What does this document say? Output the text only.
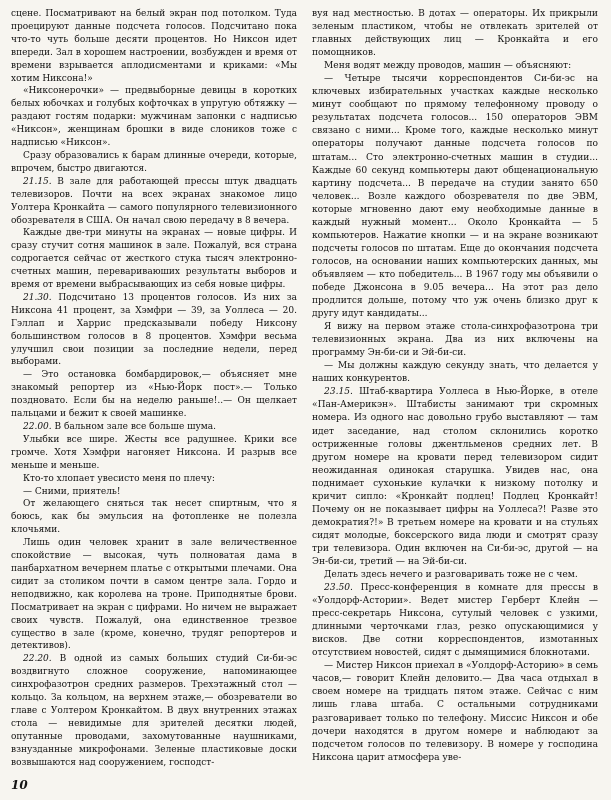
сцене. Посматривают на белый экран под потолком. Туда проецируют данные подсчета голосов. Подсчитано пока что-то чуть больше десяти процентов. Но Никсон идет впереди. Зал в хорошем настроении, возбужден и время от времени взрывается аплодисментами и криками: «Мы хотим Никсона!»

«Никсонерочки» — предвыборные девицы в коротких белых юбочках и голубых кофточках в упругую обтяжку — раздают гостям подарки: мужчинам запонки с надписью «Никсон», женщинам брошки в виде слоников тоже с надписью «Никсон».

Сразу образовались к барам длинные очереди, которые, впрочем, быстро двигаются.

21.15. В зале для работающей прессы штук двадцать телевизоров. Почти на всех экранах знакомое лицо Уолтера Кронкайта — самого популярного телевизионного обозревателя в США. Он начал свою передачу в 8 вечера.

Каждые две-три минуты на экранах — новые цифры. И сразу стучит сотня машинок в зале. Пожалуй, вся страна содрогается сейчас от жесткого стука тысяч электронно-счетных машин, перевариваюших результаты выборов и время от времени выбрасывающих из себя новые цифры.

21.30. Подсчитано 13 процентов голосов. Из них за Никсона 41 процент, за Хэмфри — 39, за Уоллеса — 20. Гэллап и Харрис предсказывали победу Никсону большинством голосов в 8 процентов. Хэмфри весьма улучшил свои позиции за последние недели, перед выборами.

— Это остановка бомбардировок,— объясняет мне знакомый репортер из «Нью-Йорк пост».— Только поздновато. Если бы на неделю раньше!..— Он щелкает пальцами и бежит к своей машинке.

22.00. В бальном зале все больше шума.

Улыбки все шире. Жесты все радушнее. Крики все громче. Хотя Хэмфри нагоняет Никсона. И разрыв все меньше и меньше.

Кто-то хлопает увесисто меня по плечу:

— Сними, приятель!

От желающего сняться так несет спиртным, что я боюсь, как бы эмульсия на фотопленке не полезла клочьями.

Лишь один человек хранит в зале величественное спокойствие — высокая, чуть полноватая дама в панбархатном вечернем платье с открытыми плечами. Она сидит за столиком почти в самом центре зала. Гордо и неподвижно, как королева на троне. Приподнятые брови. Посматривает на экран с цифрами. Но ничем не выражает своих чувств. Пожалуй, она единственное трезвое существо в зале (кроме, конечно, трудяг репортеров и детективов).

22.20. В одной из самых больших студий Си-би-эс воздвигнуто сложное сооружение, напоминающее синхрофазотрон средних размеров. Трехэтажный стол — кольцо. За кольцом, на верхнем этаже,— обозреватели во главе с Уолтером Кронкайтом. В двух внутренних этажах стола — невидимые для зрителей десятки людей, опутанные проводами, захомутованные наушниками, взнузданные микрофонами. Зеленые пластиковые доски возвышаются над сооружением, господст-

вуя над местностью. В дотах — операторы. Их прикрыли зеленым пластиком, чтобы не отвлекать зрителей от главных действующих лиц — Кронкайта и его помощников.

Меня водят между проводов, машин — объясняют:

— Четыре тысячи корреспондентов Си-би-эс на ключевых избирательных участках каждые несколько минут сообщают по прямому телефонному проводу о результатах подсчета голосов... 150 операторов ЭВМ связано с ними... Кроме того, каждые несколько минут операторы получают данные подсчета голосов по штатам... Сто электронно-счетных машин в студии... Каждые 60 секунд компьютеры дают общенациональную картину подсчета... В передаче на студии занято 650 человек... Возле каждого обозревателя по две ЭВМ, которые мгновенно дают ему необходимые данные в каждый нужный момент... Около Кронкайта — 5 компьютеров. Нажатие кнопки — и на экране возникают подсчеты голосов по штатам. Еще до окончания подсчета голосов, на основании наших компьютерских данных, мы объявляем — кто победитель... В 1967 году мы объявили о победе Джонсона в 9.05 вечера... На этот раз дело продлится дольше, потому что уж очень близко друг к другу идут кандидаты...

Я вижу на первом этаже стола-синхрофазотрона три телевизионных экрана. Два из них включены на программу Эн-би-си и Эй-би-си.

— Мы должны каждую секунду знать, что делается у наших конкурентов.

23.15. Штаб-квартира Уоллеса в Нью-Йорке, в отеле «Пан-Америкэн». Штабисты занимают три скромных номера. Из одного нас довольно грубо выставляют — там идет заседание, над столом склонились коротко остриженные головы джентльменов средних лет. В другом номере на кровати перед телевизором сидит неожиданная одинокая старушка. Увидев нас, она поднимает сухонькие кулачки к низкому потолку и кричит сипло: «Кронкайт подлец! Подлец Кронкайт! Почему он не показывает цифры на Уоллеса?! Разве это демократия?!» В третьем номере на кровати и на стульях сидят молодые, боксерского вида люди и смотрят сразу три телевизора. Один включен на Си-би-эс, другой — на Эн-би-си, третий — на Эй-би-си.

Делать здесь нечего и разговаривать тоже не с чем.

23.50. Пресс-конференция в комнате для прессы в «Уолдорф-Астории». Ведет мистер Герберт Клейн — пресс-секретарь Никсона, сутулый человек с узкими, длинными черточками глаз, резко опускающимися у висков. Две сотни корреспондентов, измотанных отсутствием новостей, сидят с дымящимися блокнотами.

— Мистер Никсон приехал в «Уолдорф-Асторию» в семь часов,— говорит Клейн деловито.— Два часа отдыхал в своем номере на тридцать пятом этаже. Сейчас с ним лишь глава штаба. С остальными сотрудниками разговаривает только по телефону. Миссис Никсон и обе дочери находятся в другом номере и наблюдают за подсчетом голосов по телевизору. В номере у господина Никсона царит атмосфера уве-

10
